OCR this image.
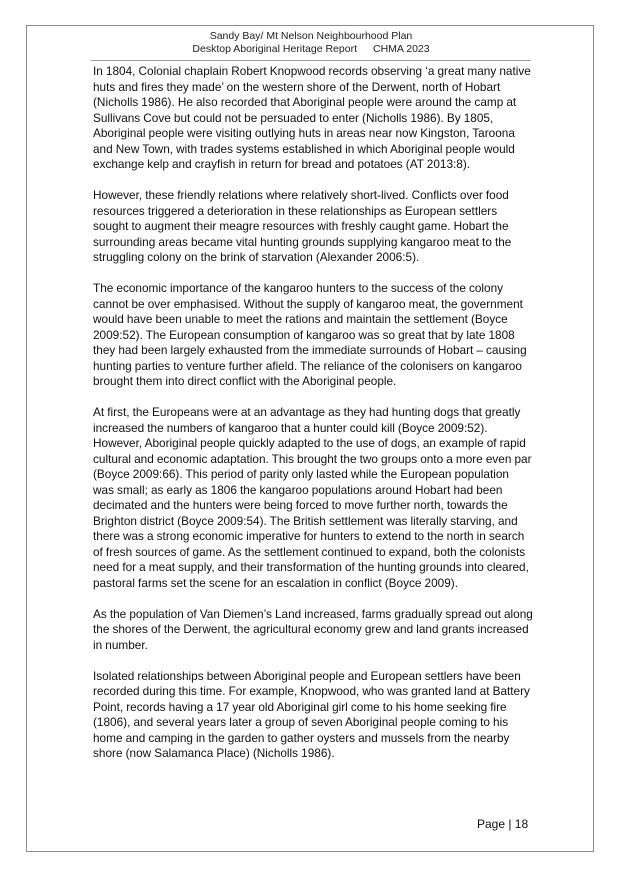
Sandy Bay/ Mt Nelson Neighbourhood Plan
Desktop Aboriginal Heritage Report CHMA 2023

In 1804, Colonial chaplain Robert Knopwood records observing ‘a great many native huts and fires they made’ on the western shore of the Derwent, north of Hobart (Nicholls 1986). He also recorded that Aboriginal people were around the camp at Sullivans Cove but could not be persuaded to enter (Nicholls 1986). By 1805, Aboriginal people were visiting outlying huts in areas near now Kingston, Taroona and New Town, with trades systems established in which Aboriginal people would exchange kelp and crayfish in return for bread and potatoes (AT 2013:8).

However, these friendly relations where relatively short-lived. Conflicts over food resources triggered a deterioration in these relationships as European settlers sought to augment their meagre resources with freshly caught game. Hobart the surrounding areas became vital hunting grounds supplying kangaroo meat to the struggling colony on the brink of starvation (Alexander 2006:5).

The economic importance of the kangaroo hunters to the success of the colony cannot be over emphasised. Without the supply of kangaroo meat, the government would have been unable to meet the rations and maintain the settlement (Boyce 2009:52). The European consumption of kangaroo was so great that by late 1808 they had been largely exhausted from the immediate surrounds of Hobart – causing hunting parties to venture further afield. The reliance of the colonisers on kangaroo brought them into direct conflict with the Aboriginal people.

At first, the Europeans were at an advantage as they had hunting dogs that greatly increased the numbers of kangaroo that a hunter could kill (Boyce 2009:52). However, Aboriginal people quickly adapted to the use of dogs, an example of rapid cultural and economic adaptation. This brought the two groups onto a more even par (Boyce 2009:66). This period of parity only lasted while the European population was small; as early as 1806 the kangaroo populations around Hobart had been decimated and the hunters were being forced to move further north, towards the Brighton district (Boyce 2009:54). The British settlement was literally starving, and there was a strong economic imperative for hunters to extend to the north in search of fresh sources of game. As the settlement continued to expand, both the colonists need for a meat supply, and their transformation of the hunting grounds into cleared, pastoral farms set the scene for an escalation in conflict (Boyce 2009).

As the population of Van Diemen’s Land increased, farms gradually spread out along the shores of the Derwent, the agricultural economy grew and land grants increased in number.

Isolated relationships between Aboriginal people and European settlers have been recorded during this time. For example, Knopwood, who was granted land at Battery Point, records having a 17 year old Aboriginal girl come to his home seeking fire (1806), and several years later a group of seven Aboriginal people coming to his home and camping in the garden to gather oysters and mussels from the nearby shore (now Salamanca Place) (Nicholls 1986).

Page | 18
